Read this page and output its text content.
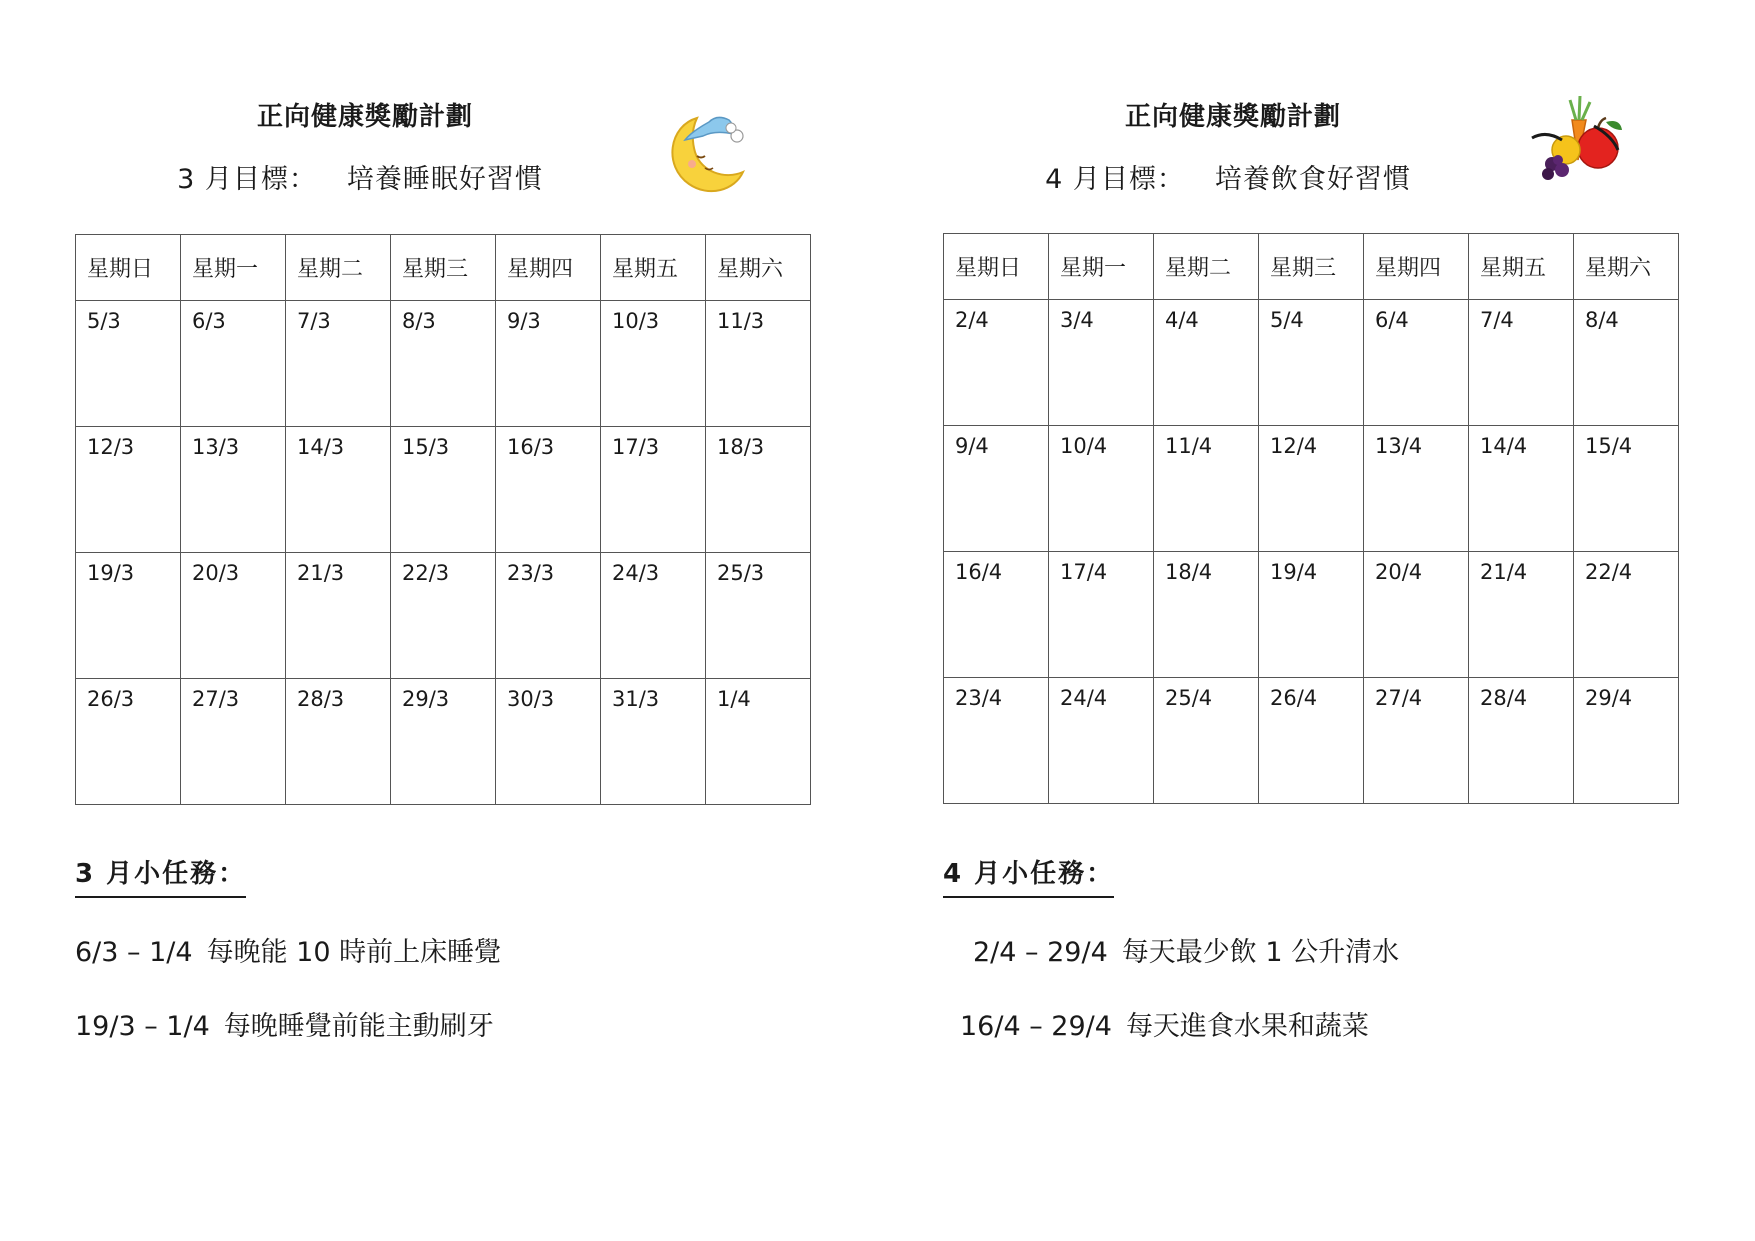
正向健康獎勵計劃
3 月目標： 培養睡眠好習慣
星期日	星期一	星期二	星期三	星期四	星期五	星期六
5/3	6/3	7/3	8/3	9/3	10/3	11/3
12/3	13/3	14/3	15/3	16/3	17/3	18/3
19/3	20/3	21/3	22/3	23/3	24/3	25/3
26/3	27/3	28/3	29/3	30/3	31/3	1/4
3 月小任務：
6/3 – 1/4 每晚能 10 時前上床睡覺
19/3 – 1/4 每晚睡覺前能主動刷牙
正向健康獎勵計劃
4 月目標： 培養飲食好習慣
星期日	星期一	星期二	星期三	星期四	星期五	星期六
2/4	3/4	4/4	5/4	6/4	7/4	8/4
9/4	10/4	11/4	12/4	13/4	14/4	15/4
16/4	17/4	18/4	19/4	20/4	21/4	22/4
23/4	24/4	25/4	26/4	27/4	28/4	29/4
4 月小任務：
2/4 – 29/4 每天最少飲 1 公升清水
16/4 – 29/4 每天進食水果和蔬菜
